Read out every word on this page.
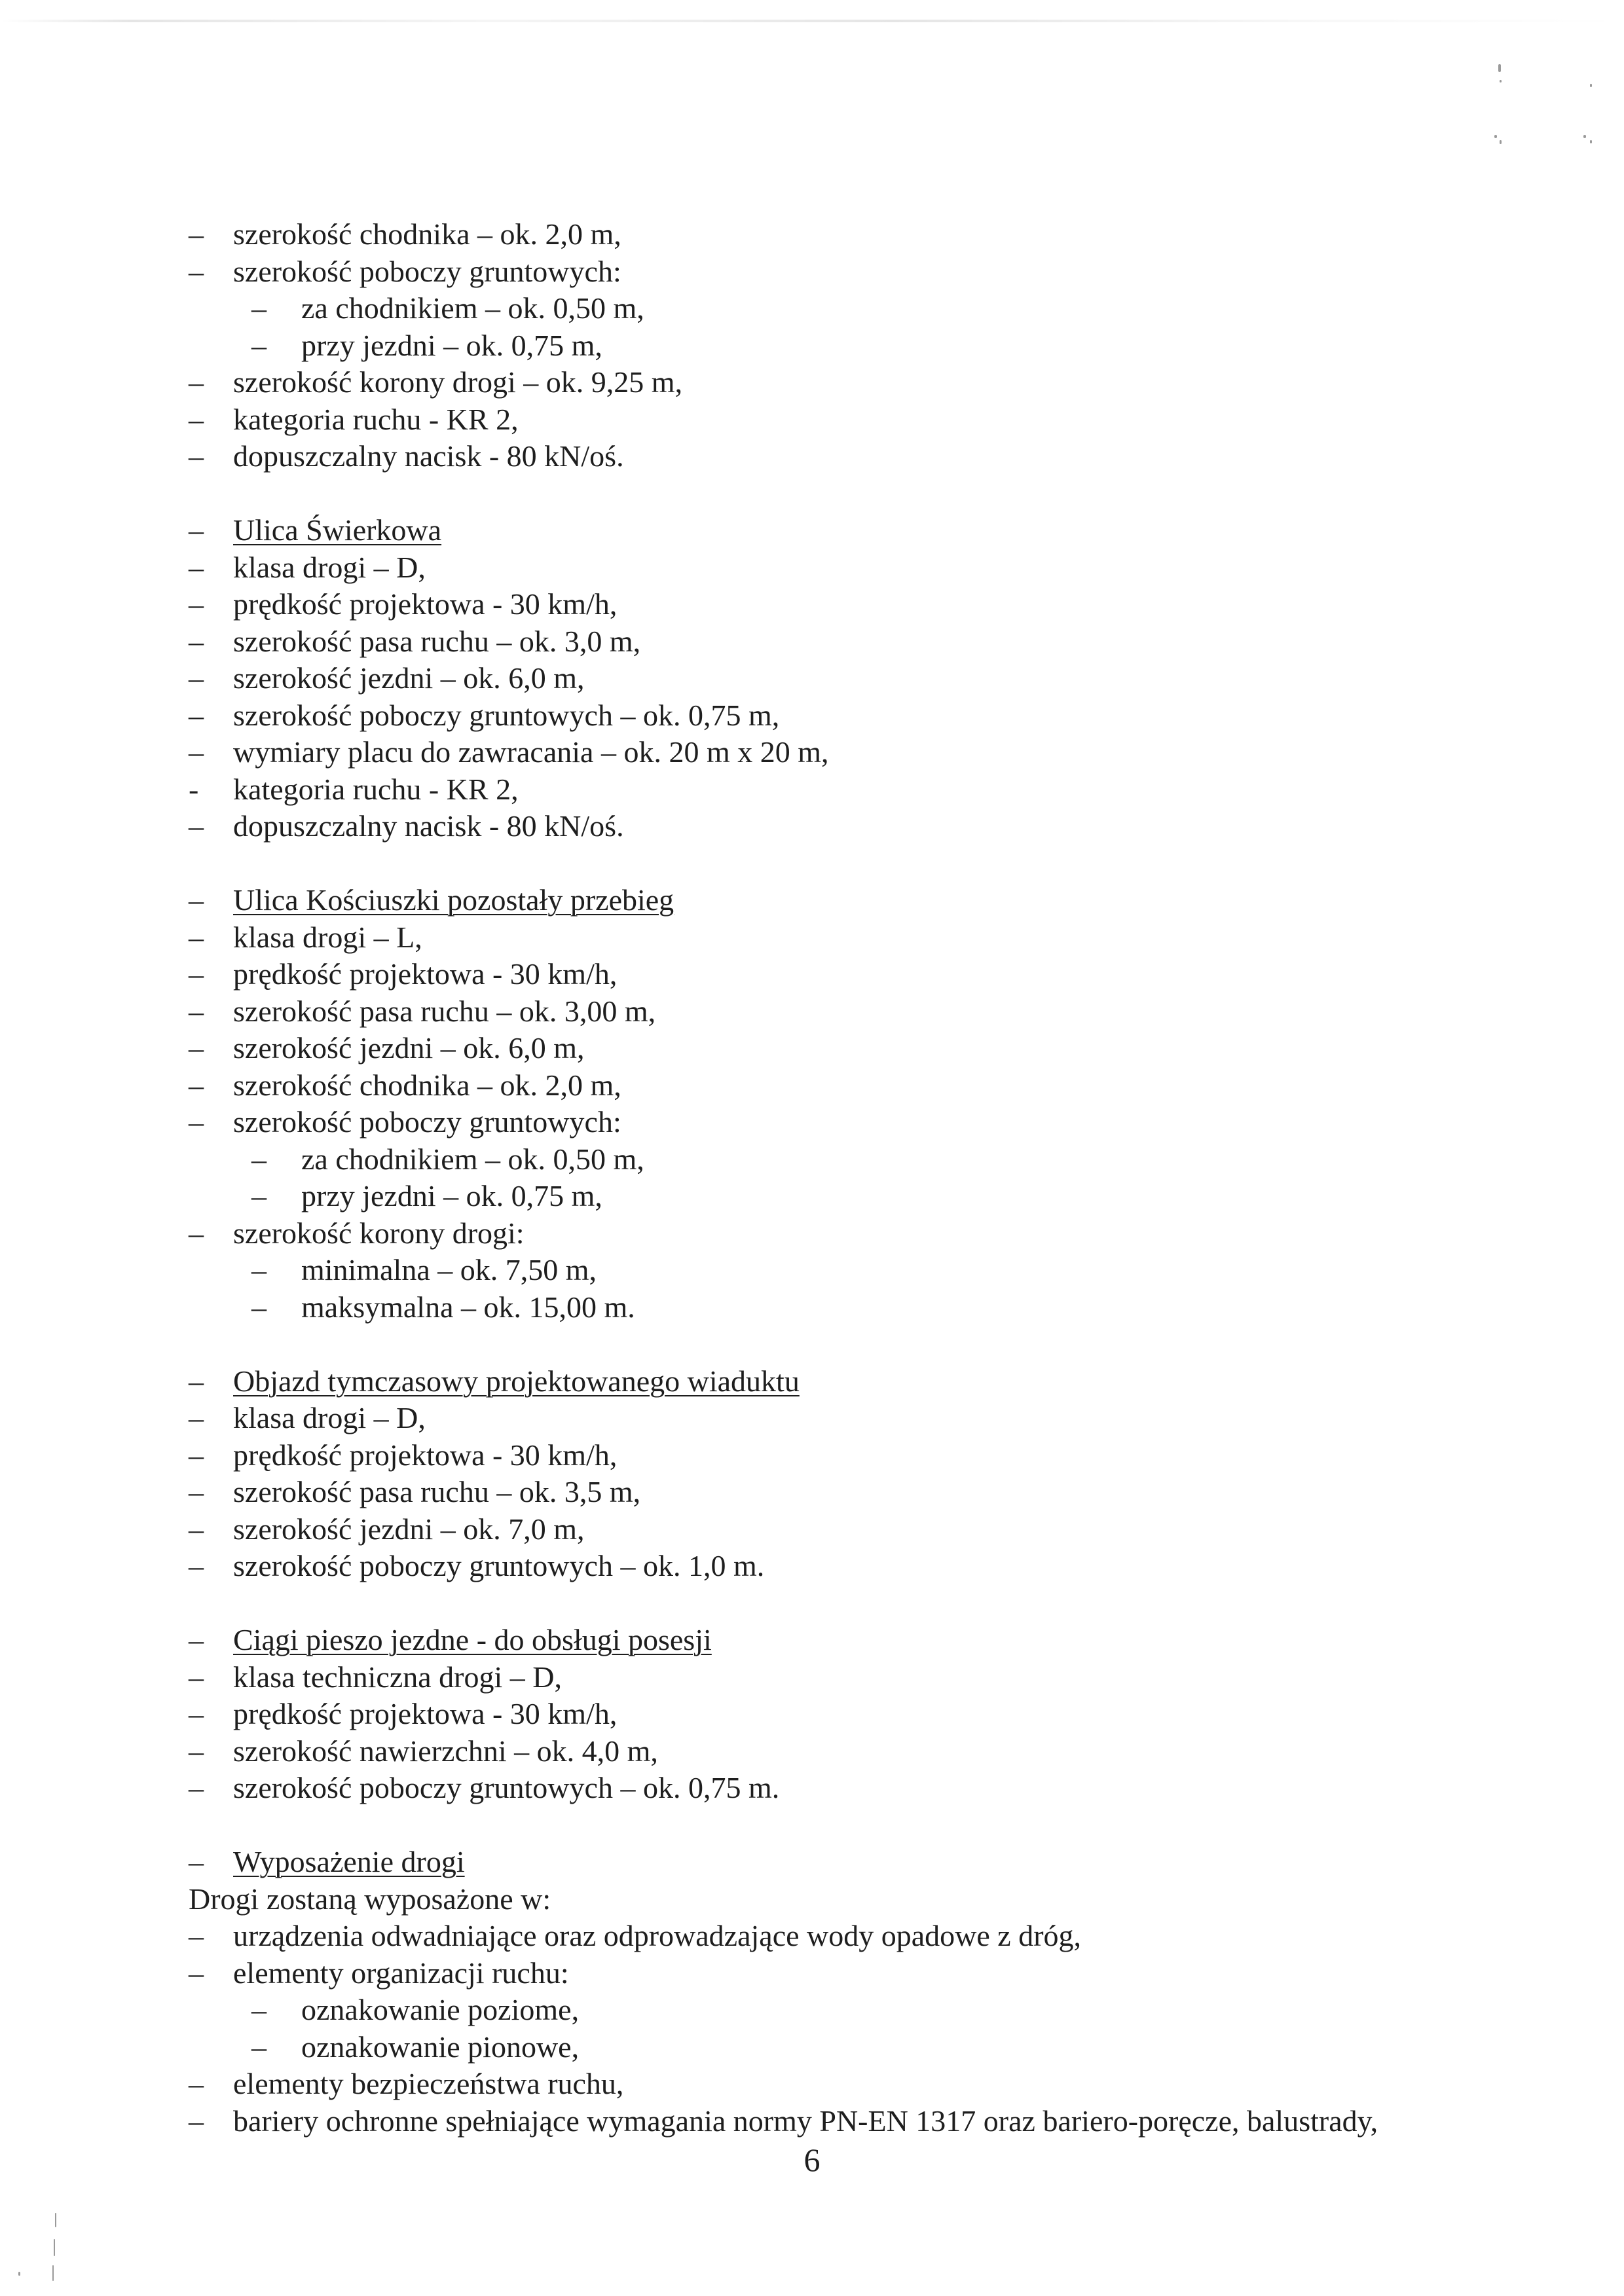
– szerokość chodnika – ok. 2,0 m,
– szerokość poboczy gruntowych:
– za chodnikiem – ok. 0,50 m,
– przy jezdni – ok. 0,75 m,
– szerokość korony drogi – ok. 9,25 m,
– kategoria ruchu - KR 2,
– dopuszczalny nacisk - 80 kN/oś.
– Ulica Świerkowa
– klasa drogi – D,
– prędkość projektowa - 30 km/h,
– szerokość pasa ruchu – ok. 3,0 m,
– szerokość jezdni – ok. 6,0 m,
– szerokość poboczy gruntowych – ok. 0,75 m,
– wymiary placu do zawracania – ok. 20 m x 20 m,
- kategoria ruchu - KR 2,
– dopuszczalny nacisk - 80 kN/oś.
– Ulica Kościuszki pozostały przebieg
– klasa drogi – L,
– prędkość projektowa - 30 km/h,
– szerokość pasa ruchu – ok. 3,00 m,
– szerokość jezdni – ok. 6,0 m,
– szerokość chodnika – ok. 2,0 m,
– szerokość poboczy gruntowych:
– za chodnikiem – ok. 0,50 m,
– przy jezdni – ok. 0,75 m,
– szerokość korony drogi:
– minimalna – ok. 7,50 m,
– maksymalna – ok. 15,00 m.
– Objazd tymczasowy projektowanego wiaduktu
– klasa drogi – D,
– prędkość projektowa - 30 km/h,
– szerokość pasa ruchu – ok. 3,5 m,
– szerokość jezdni – ok. 7,0 m,
– szerokość poboczy gruntowych – ok. 1,0 m.
– Ciągi pieszo jezdne - do obsługi posesji
– klasa techniczna drogi – D,
– prędkość projektowa - 30 km/h,
– szerokość nawierzchni – ok. 4,0 m,
– szerokość poboczy gruntowych – ok. 0,75 m.
– Wyposażenie drogi
Drogi zostaną wyposażone w:
– urządzenia odwadniające oraz odprowadzające wody opadowe z dróg,
– elementy organizacji ruchu:
– oznakowanie poziome,
– oznakowanie pionowe,
– elementy bezpieczeństwa ruchu,
– bariery ochronne spełniające wymagania normy PN-EN 1317 oraz bariero-poręcze, balustrady,
6
